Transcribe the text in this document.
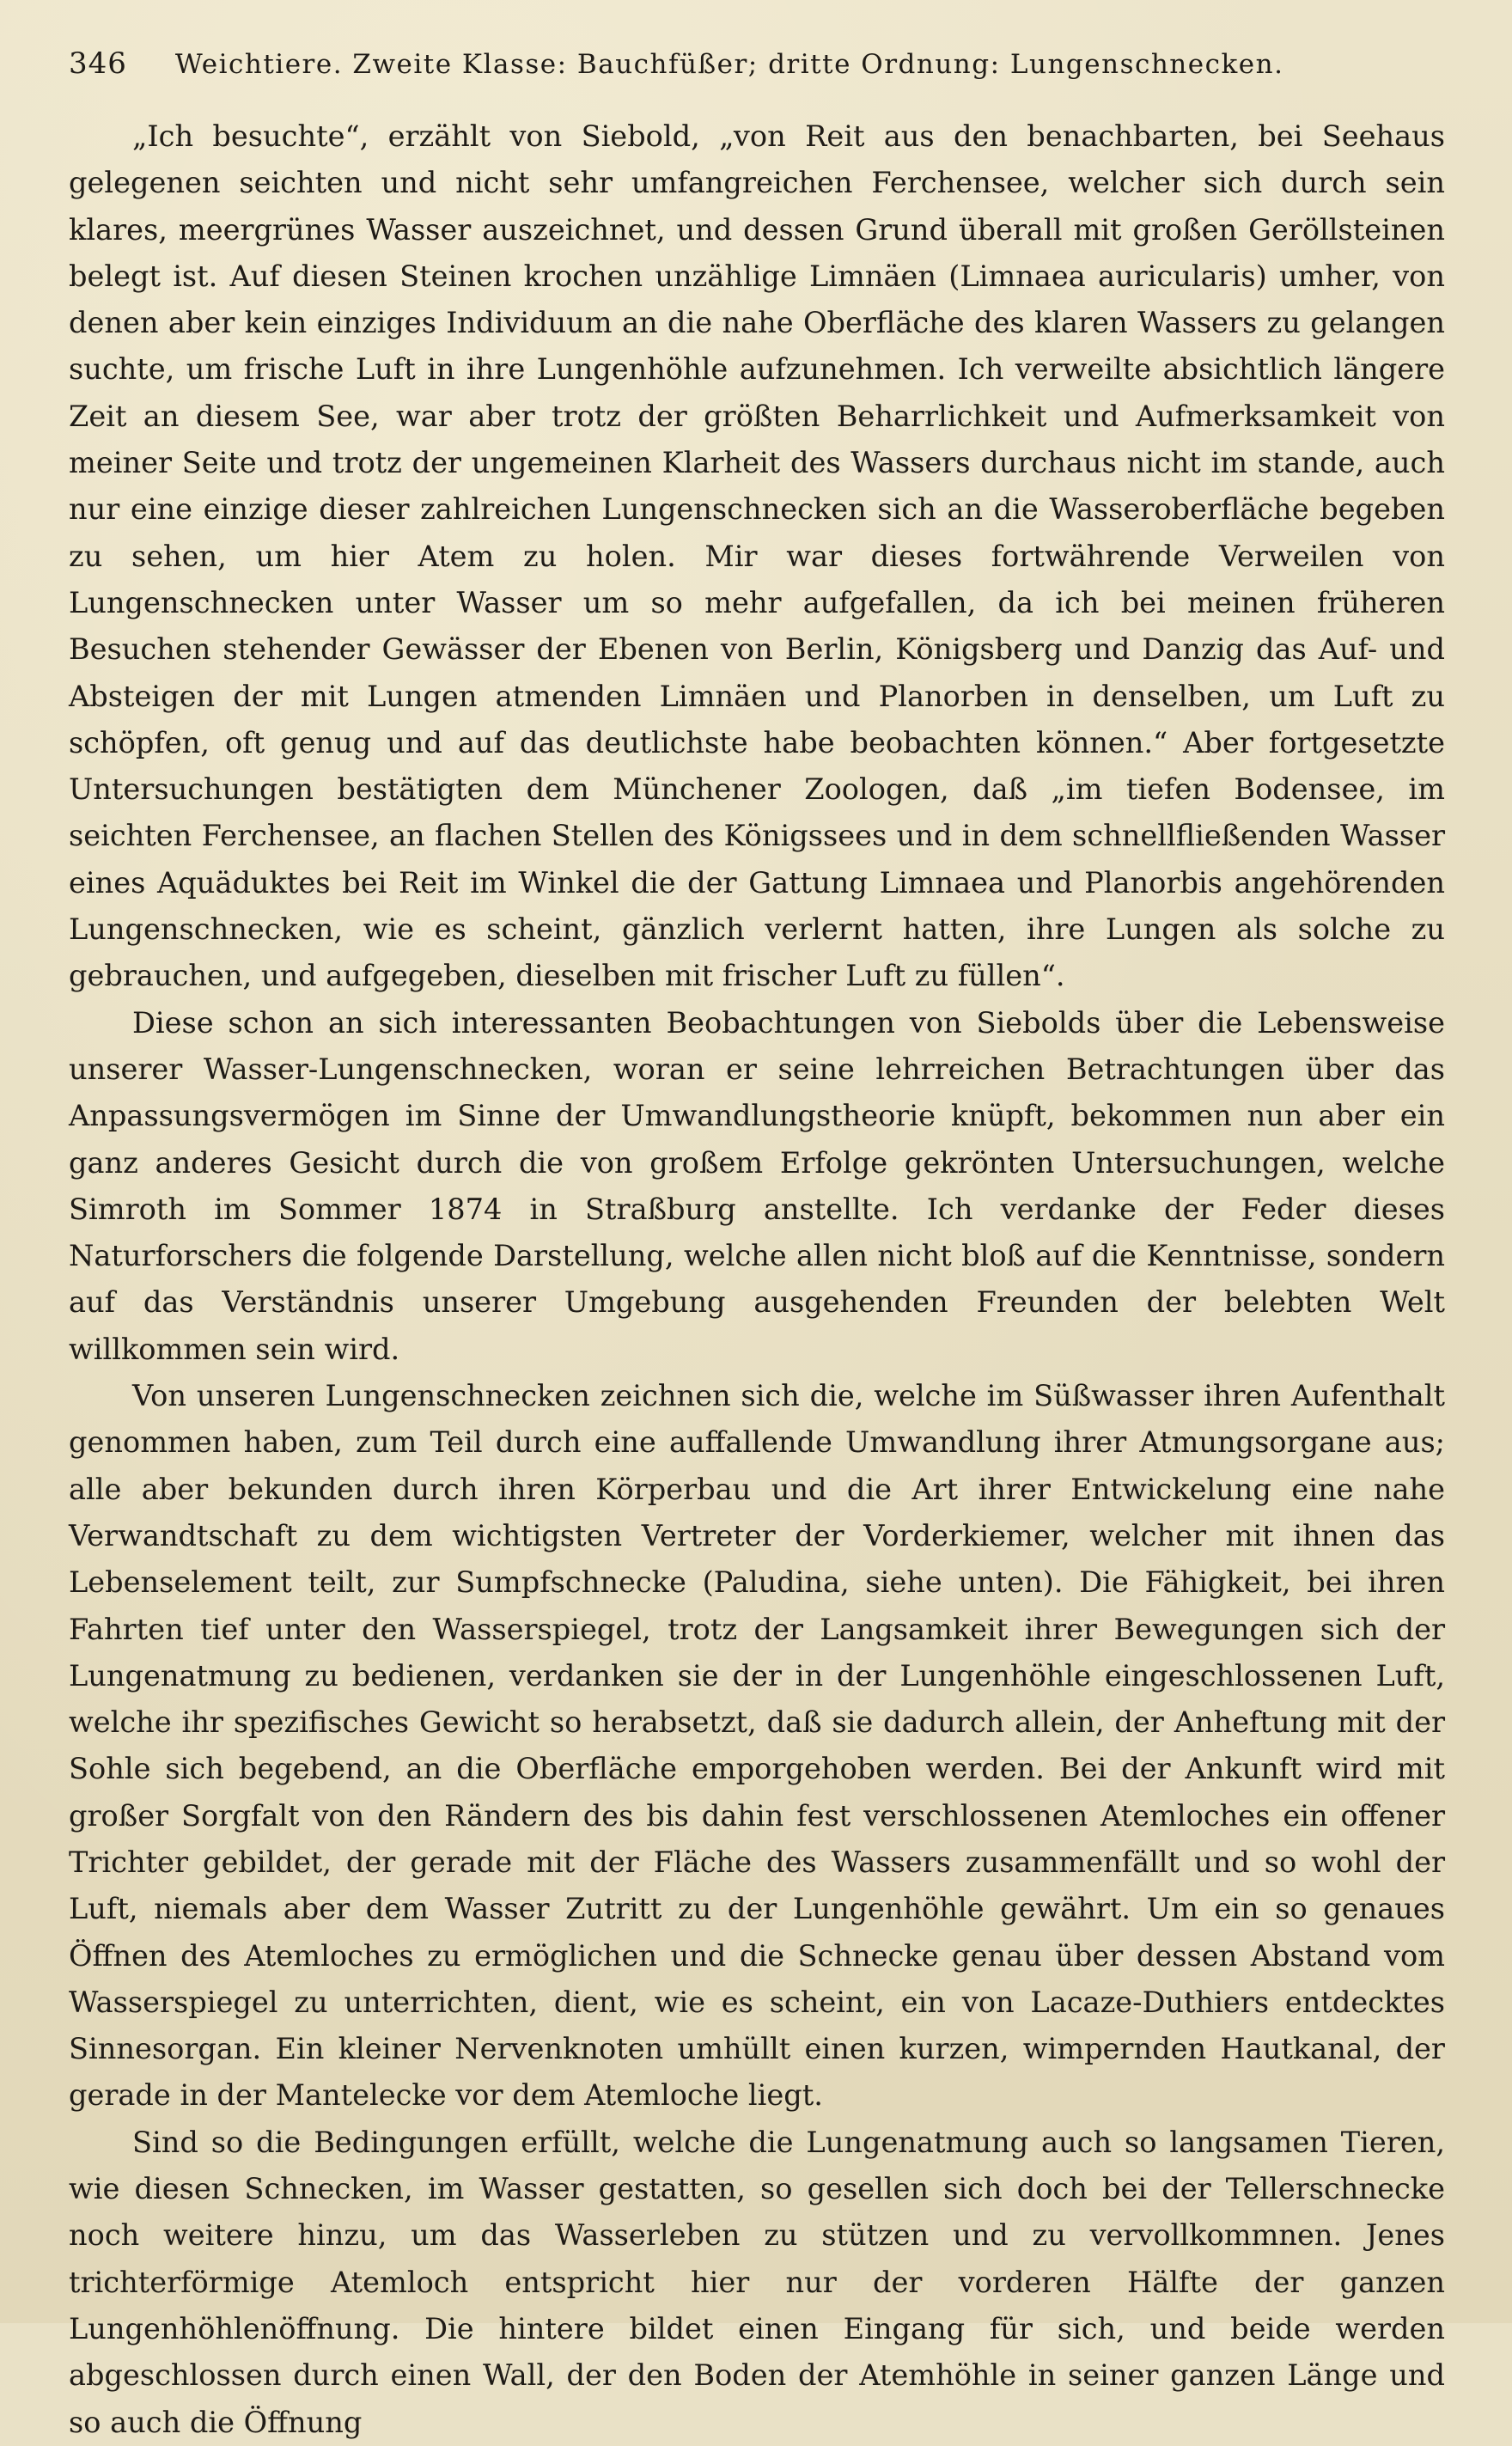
346 Weichtiere. Zweite Klasse: Bauchfüßer; dritte Ordnung: Lungenschnecken.

„Ich besuchte“, erzählt von Siebold, „von Reit aus den benachbarten, bei Seehaus gelegenen seichten und nicht sehr umfangreichen Ferchensee, welcher sich durch sein klares, meergrünes Wasser auszeichnet, und dessen Grund überall mit großen Geröllsteinen belegt ist. Auf diesen Steinen krochen unzählige Limnäen (Limnaea auricularis) umher, von denen aber kein einziges Individuum an die nahe Oberfläche des klaren Wassers zu gelangen suchte, um frische Luft in ihre Lungenhöhle aufzunehmen. Ich verweilte absichtlich längere Zeit an diesem See, war aber trotz der größten Beharrlichkeit und Aufmerksamkeit von meiner Seite und trotz der ungemeinen Klarheit des Wassers durchaus nicht im stande, auch nur eine einzige dieser zahlreichen Lungenschnecken sich an die Wasseroberfläche begeben zu sehen, um hier Atem zu holen. Mir war dieses fortwährende Verweilen von Lungenschnecken unter Wasser um so mehr aufgefallen, da ich bei meinen früheren Besuchen stehender Gewässer der Ebenen von Berlin, Königsberg und Danzig das Auf- und Absteigen der mit Lungen atmenden Limnäen und Planorben in denselben, um Luft zu schöpfen, oft genug und auf das deutlichste habe beobachten können.“ Aber fortgesetzte Untersuchungen bestätigten dem Münchener Zoologen, daß „im tiefen Bodensee, im seichten Ferchensee, an flachen Stellen des Königssees und in dem schnellfließenden Wasser eines Aquäduktes bei Reit im Winkel die der Gattung Limnaea und Planorbis angehörenden Lungenschnecken, wie es scheint, gänzlich verlernt hatten, ihre Lungen als solche zu gebrauchen, und aufgegeben, dieselben mit frischer Luft zu füllen“.

Diese schon an sich interessanten Beobachtungen von Siebolds über die Lebensweise unserer Wasser-Lungenschnecken, woran er seine lehrreichen Betrachtungen über das Anpassungsvermögen im Sinne der Umwandlungstheorie knüpft, bekommen nun aber ein ganz anderes Gesicht durch die von großem Erfolge gekrönten Untersuchungen, welche Simroth im Sommer 1874 in Straßburg anstellte. Ich verdanke der Feder dieses Naturforschers die folgende Darstellung, welche allen nicht bloß auf die Kenntnisse, sondern auf das Verständnis unserer Umgebung ausgehenden Freunden der belebten Welt willkommen sein wird.

Von unseren Lungenschnecken zeichnen sich die, welche im Süßwasser ihren Aufenthalt genommen haben, zum Teil durch eine auffallende Umwandlung ihrer Atmungsorgane aus; alle aber bekunden durch ihren Körperbau und die Art ihrer Entwickelung eine nahe Verwandtschaft zu dem wichtigsten Vertreter der Vorderkiemer, welcher mit ihnen das Lebenselement teilt, zur Sumpfschnecke (Paludina, siehe unten). Die Fähigkeit, bei ihren Fahrten tief unter den Wasserspiegel, trotz der Langsamkeit ihrer Bewegungen sich der Lungenatmung zu bedienen, verdanken sie der in der Lungenhöhle eingeschlossenen Luft, welche ihr spezifisches Gewicht so herabsetzt, daß sie dadurch allein, der Anheftung mit der Sohle sich begebend, an die Oberfläche emporgehoben werden. Bei der Ankunft wird mit großer Sorgfalt von den Rändern des bis dahin fest verschlossenen Atemloches ein offener Trichter gebildet, der gerade mit der Fläche des Wassers zusammenfällt und so wohl der Luft, niemals aber dem Wasser Zutritt zu der Lungenhöhle gewährt. Um ein so genaues Öffnen des Atemloches zu ermöglichen und die Schnecke genau über dessen Abstand vom Wasserspiegel zu unterrichten, dient, wie es scheint, ein von Lacaze-Duthiers entdecktes Sinnesorgan. Ein kleiner Nervenknoten umhüllt einen kurzen, wimpernden Hautkanal, der gerade in der Mantelecke vor dem Atemloche liegt.

Sind so die Bedingungen erfüllt, welche die Lungenatmung auch so langsamen Tieren, wie diesen Schnecken, im Wasser gestatten, so gesellen sich doch bei der Tellerschnecke noch weitere hinzu, um das Wasserleben zu stützen und zu vervollkommnen. Jenes trichterförmige Atemloch entspricht hier nur der vorderen Hälfte der ganzen Lungenhöhlenöffnung. Die hintere bildet einen Eingang für sich, und beide werden abgeschlossen durch einen Wall, der den Boden der Atemhöhle in seiner ganzen Länge und so auch die Öffnung
